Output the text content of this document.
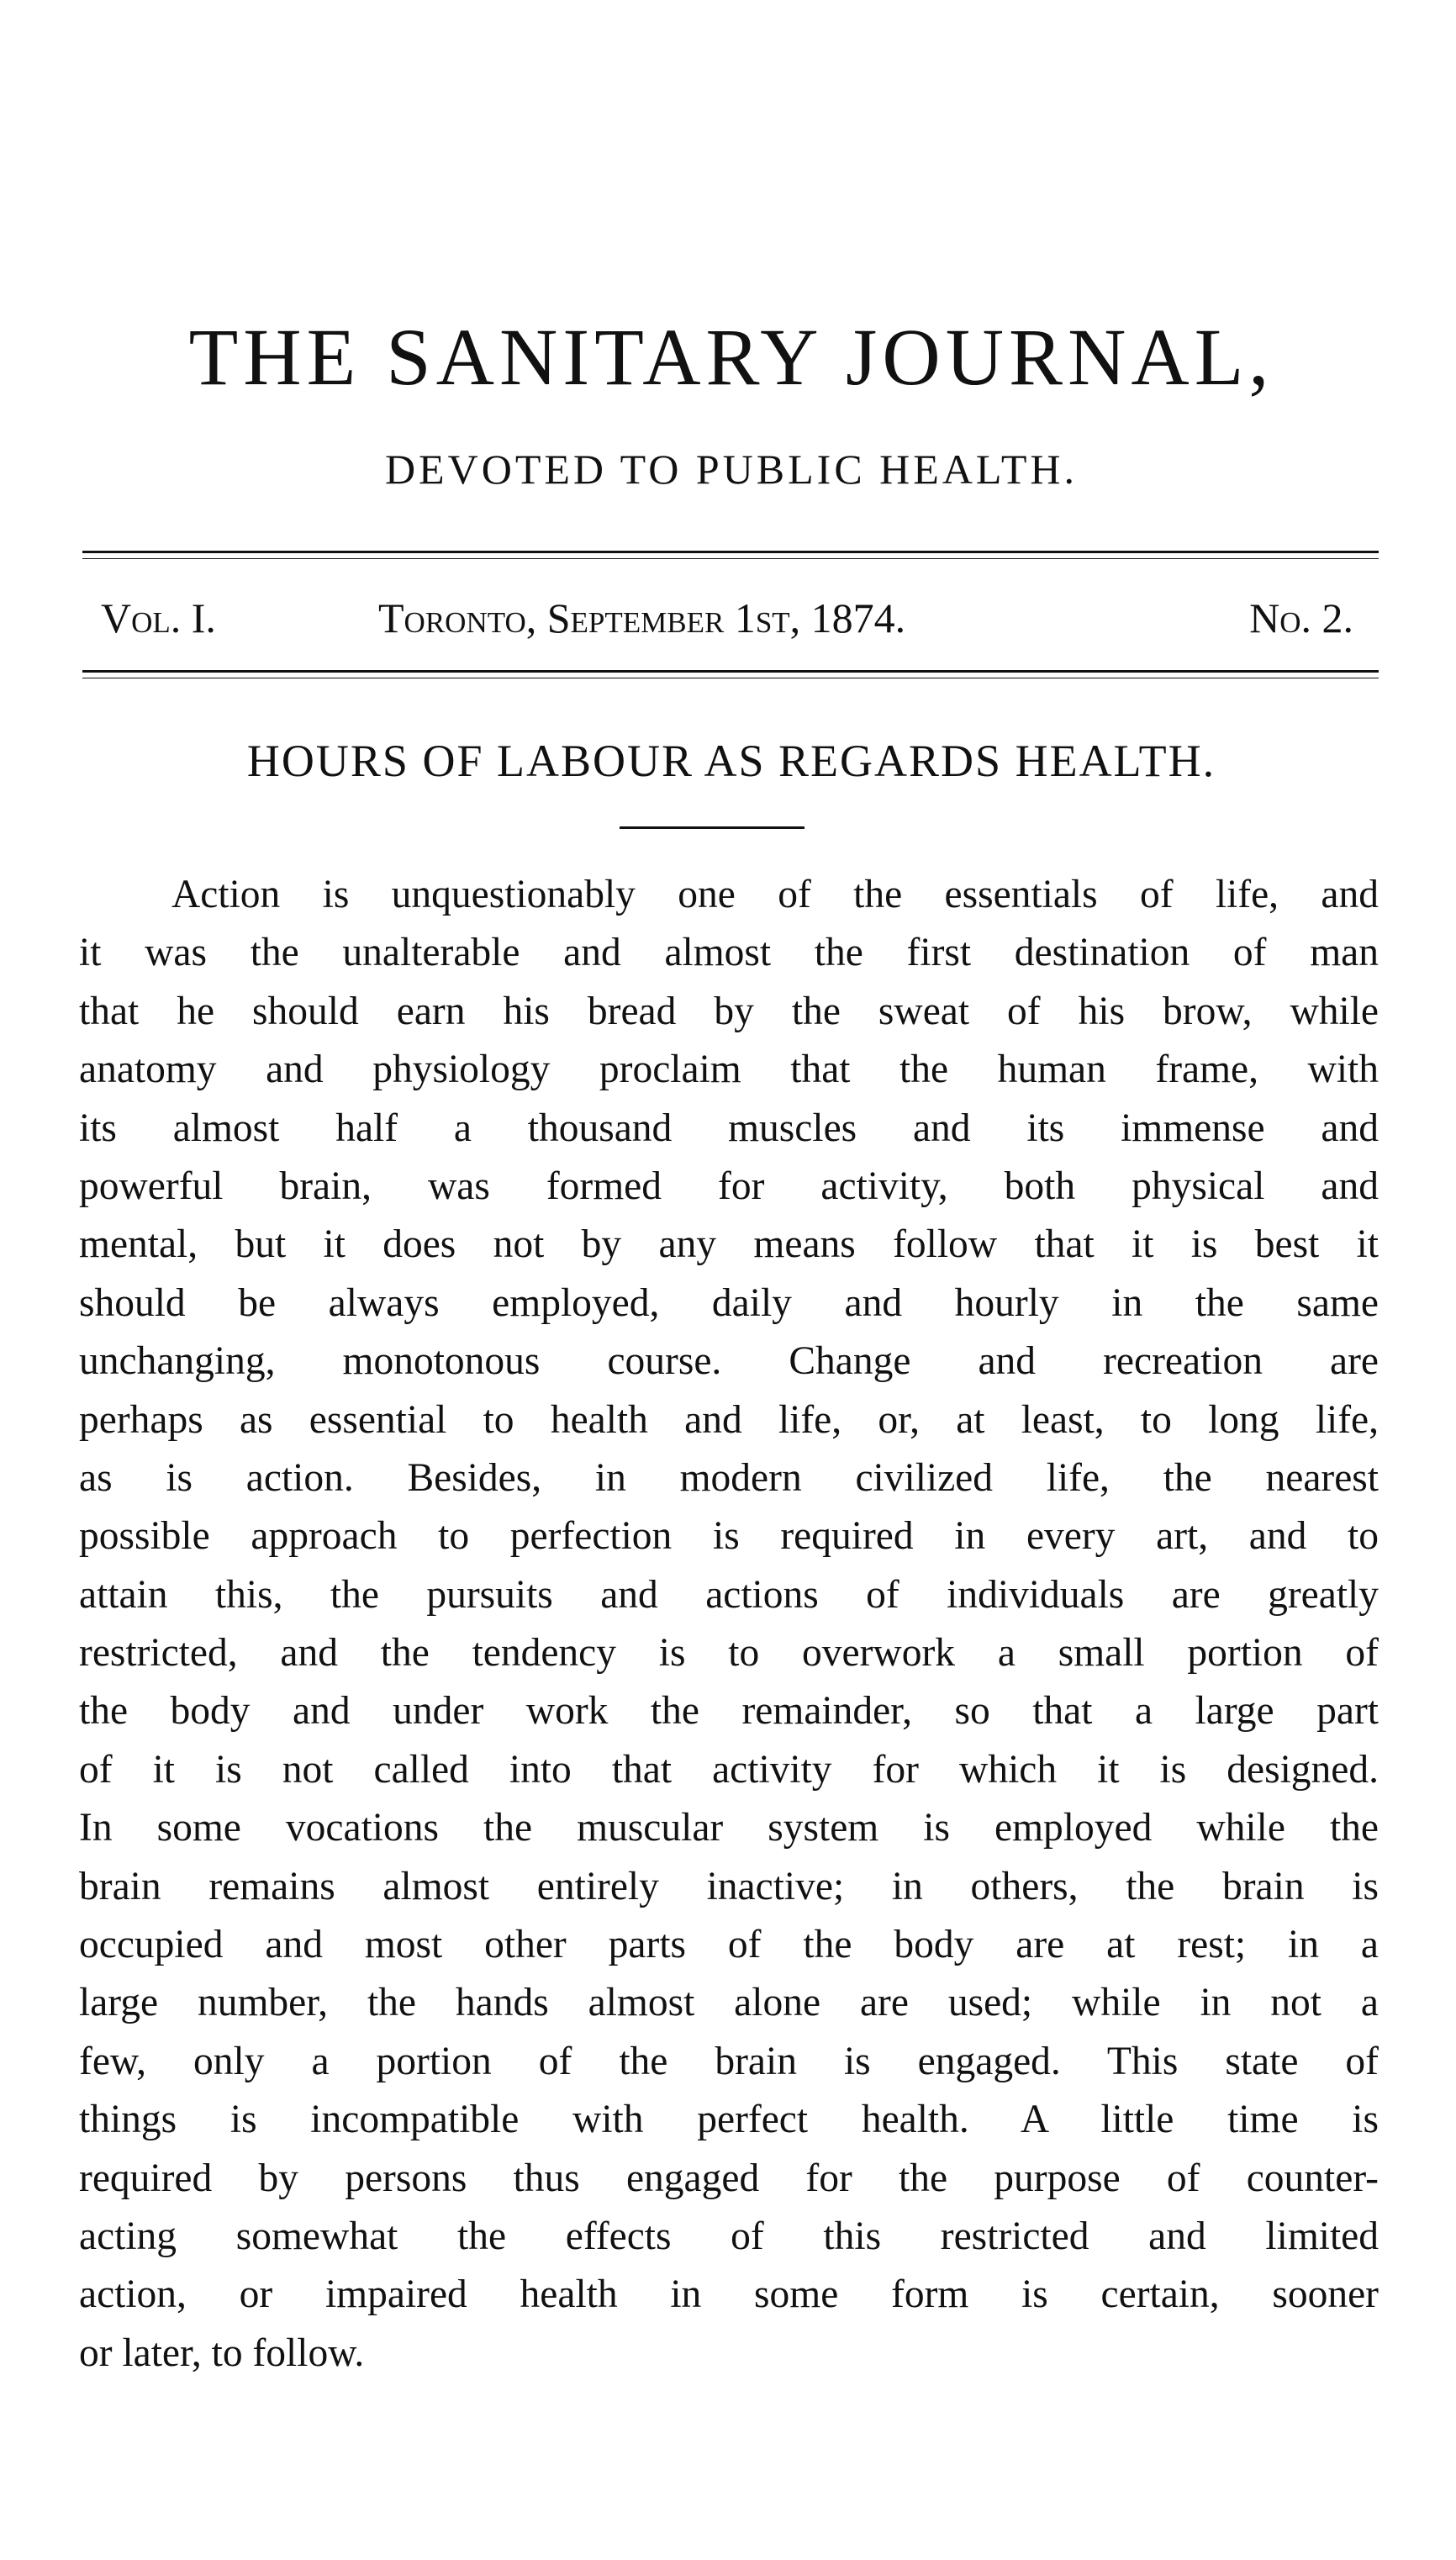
THE SANITARY JOURNAL,
DEVOTED TO PUBLIC HEALTH.
Vol. I.	Toronto, September 1st, 1874.	No. 2.
HOURS OF LABOUR AS REGARDS HEALTH.
Action is unquestionably one of the essentials of life, and
it was the unalterable and almost the first destination of man
that he should earn his bread by the sweat of his brow, while
anatomy and physiology proclaim that the human frame, with
its almost half a thousand muscles and its immense and
powerful brain, was formed for activity, both physical and
mental, but it does not by any means follow that it is best it
should be always employed, daily and hourly in the same
unchanging, monotonous course. Change and recreation are
perhaps as essential to health and life, or, at least, to long life,
as is action. Besides, in modern civilized life, the nearest
possible approach to perfection is required in every art, and to
attain this, the pursuits and actions of individuals are greatly
restricted, and the tendency is to overwork a small portion of
the body and under work the remainder, so that a large part
of it is not called into that activity for which it is designed.
In some vocations the muscular system is employed while the
brain remains almost entirely inactive; in others, the brain is
occupied and most other parts of the body are at rest; in a
large number, the hands almost alone are used; while in not a
few, only a portion of the brain is engaged. This state of
things is incompatible with perfect health. A little time is
required by persons thus engaged for the purpose of counter-
acting somewhat the effects of this restricted and limited
action, or impaired health in some form is certain, sooner
or later, to follow.
